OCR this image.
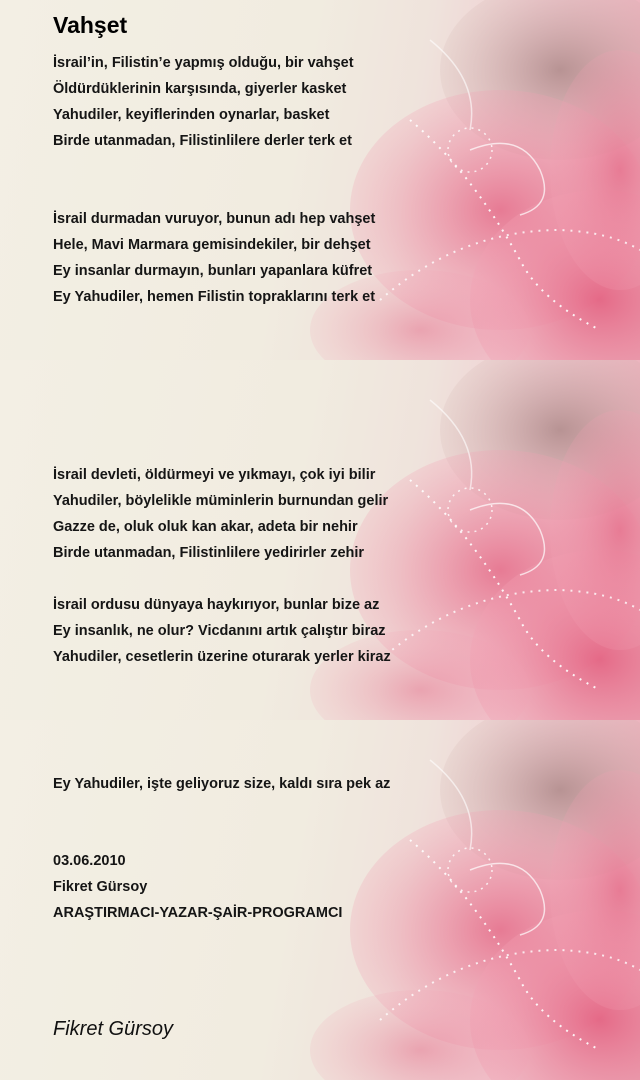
Vahşet
İsrail’in, Filistin’e yapmış olduğu, bir vahşet
Öldürdüklerinin karşısında, giyerler kasket
Yahudiler, keyiflerinden oynarlar, basket
Birde utanmadan, Filistinlilere derler terk et
İsrail durmadan vuruyor, bunun adı hep vahşet
Hele, Mavi Marmara gemisindekiler, bir dehşet
Ey insanlar durmayın, bunları yapanlara küfret
Ey Yahudiler, hemen Filistin topraklarını terk et
İsrail devleti, öldürmeyi ve yıkmayı, çok iyi bilir
Yahudiler, böylelikle müminlerin burnundan gelir
Gazze de, oluk oluk kan akar, adeta bir nehir
Birde utanmadan, Filistinlilere yedirirler zehir
İsrail ordusu dünyaya haykırıyor, bunlar bize az
Ey insanlık, ne olur? Vicdanını artık çalıştır biraz
Yahudiler, cesetlerin üzerine oturarak yerler kiraz
Ey Yahudiler, işte geliyoruz size, kaldı sıra pek az
03.06.2010
Fikret Gürsoy
ARAŞTIRMACI-YAZAR-ŞAİR-PROGRAMCI
Fikret Gürsoy
